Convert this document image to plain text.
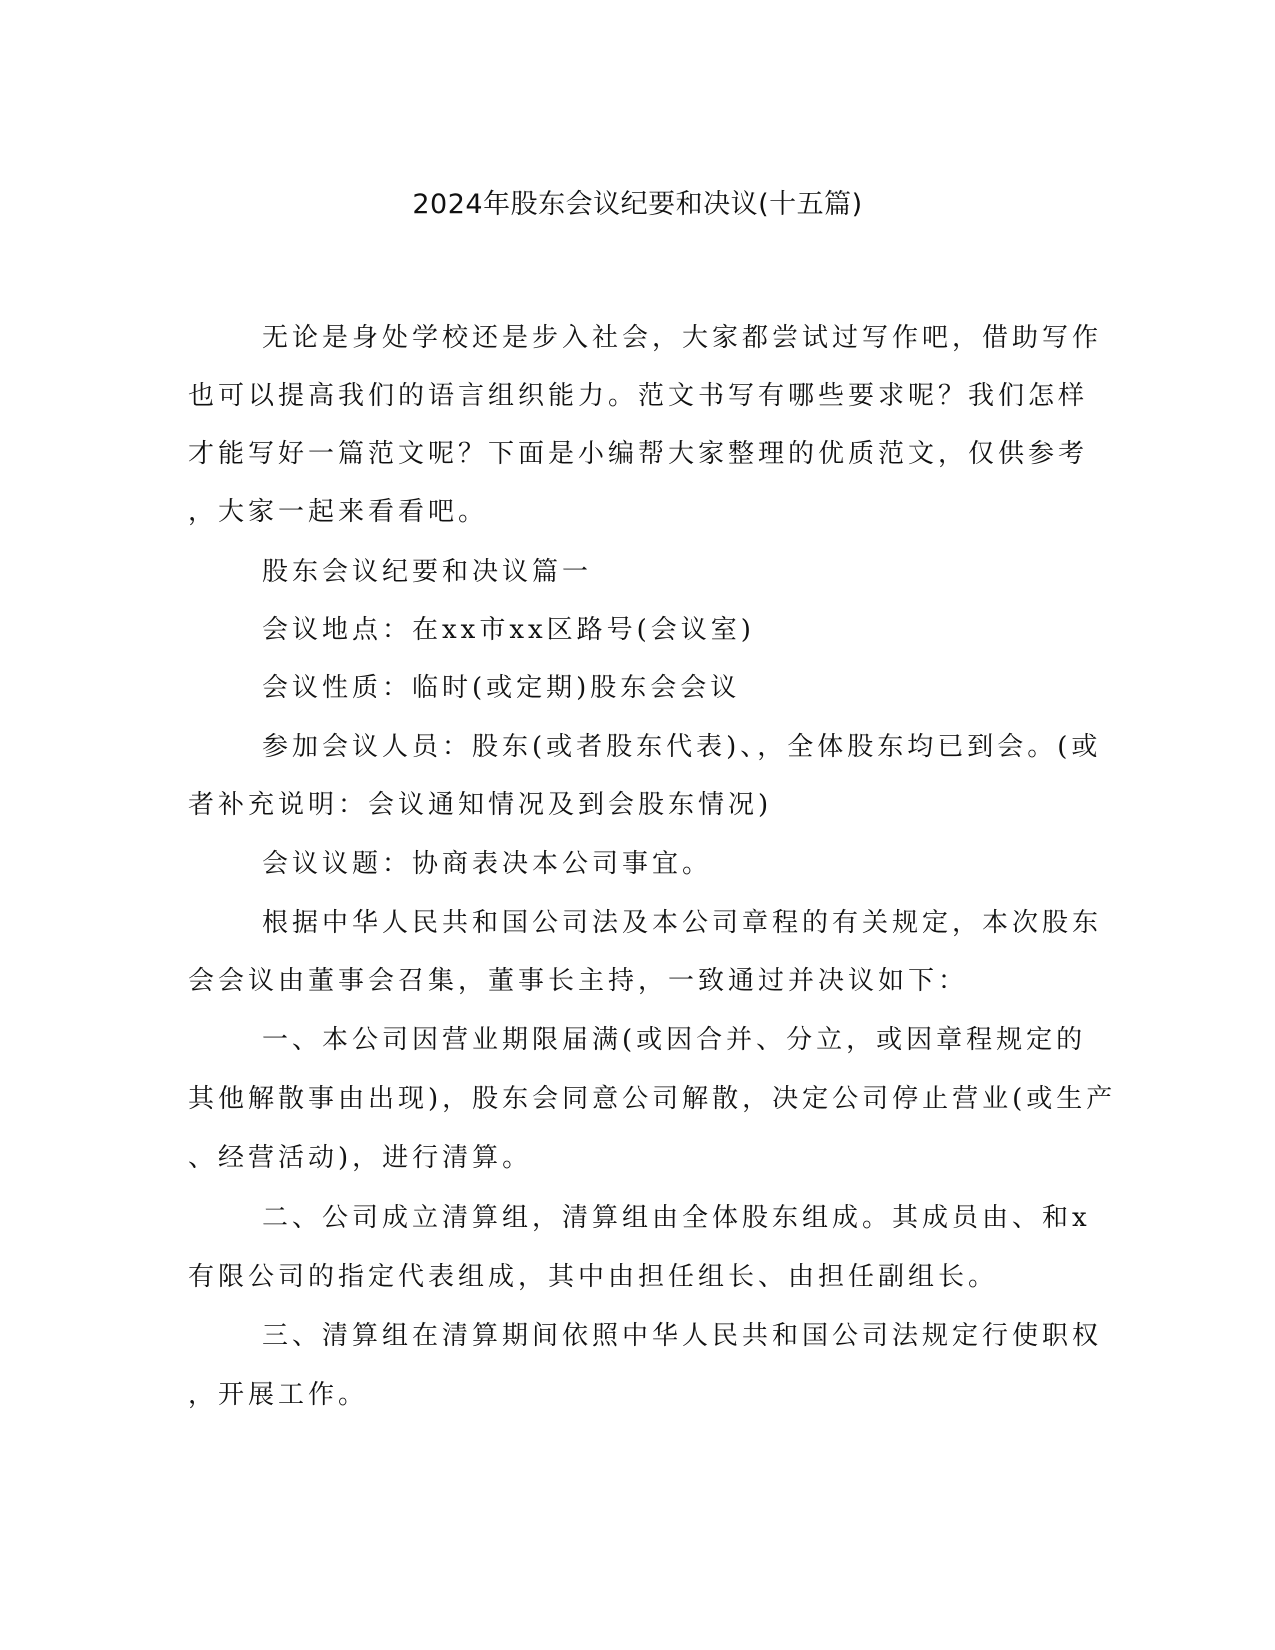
2024年股东会议纪要和决议(十五篇)

无论是身处学校还是步入社会，大家都尝试过写作吧，借助写作

也可以提高我们的语言组织能力。范文书写有哪些要求呢？我们怎样

才能写好一篇范文呢？下面是小编帮大家整理的优质范文，仅供参考

，大家一起来看看吧。

股东会议纪要和决议篇一

会议地点：在xx市xx区路号(会议室)

会议性质：临时(或定期)股东会会议

参加会议人员：股东(或者股东代表)、，全体股东均已到会。(或

者补充说明：会议通知情况及到会股东情况)

会议议题：协商表决本公司事宜。

根据中华人民共和国公司法及本公司章程的有关规定，本次股东

会会议由董事会召集，董事长主持，一致通过并决议如下：

一、本公司因营业期限届满(或因合并、分立，或因章程规定的

其他解散事由出现)，股东会同意公司解散，决定公司停止营业(或生产

、经营活动)，进行清算。

二、公司成立清算组，清算组由全体股东组成。其成员由、和x

有限公司的指定代表组成，其中由担任组长、由担任副组长。

三、清算组在清算期间依照中华人民共和国公司法规定行使职权

，开展工作。
